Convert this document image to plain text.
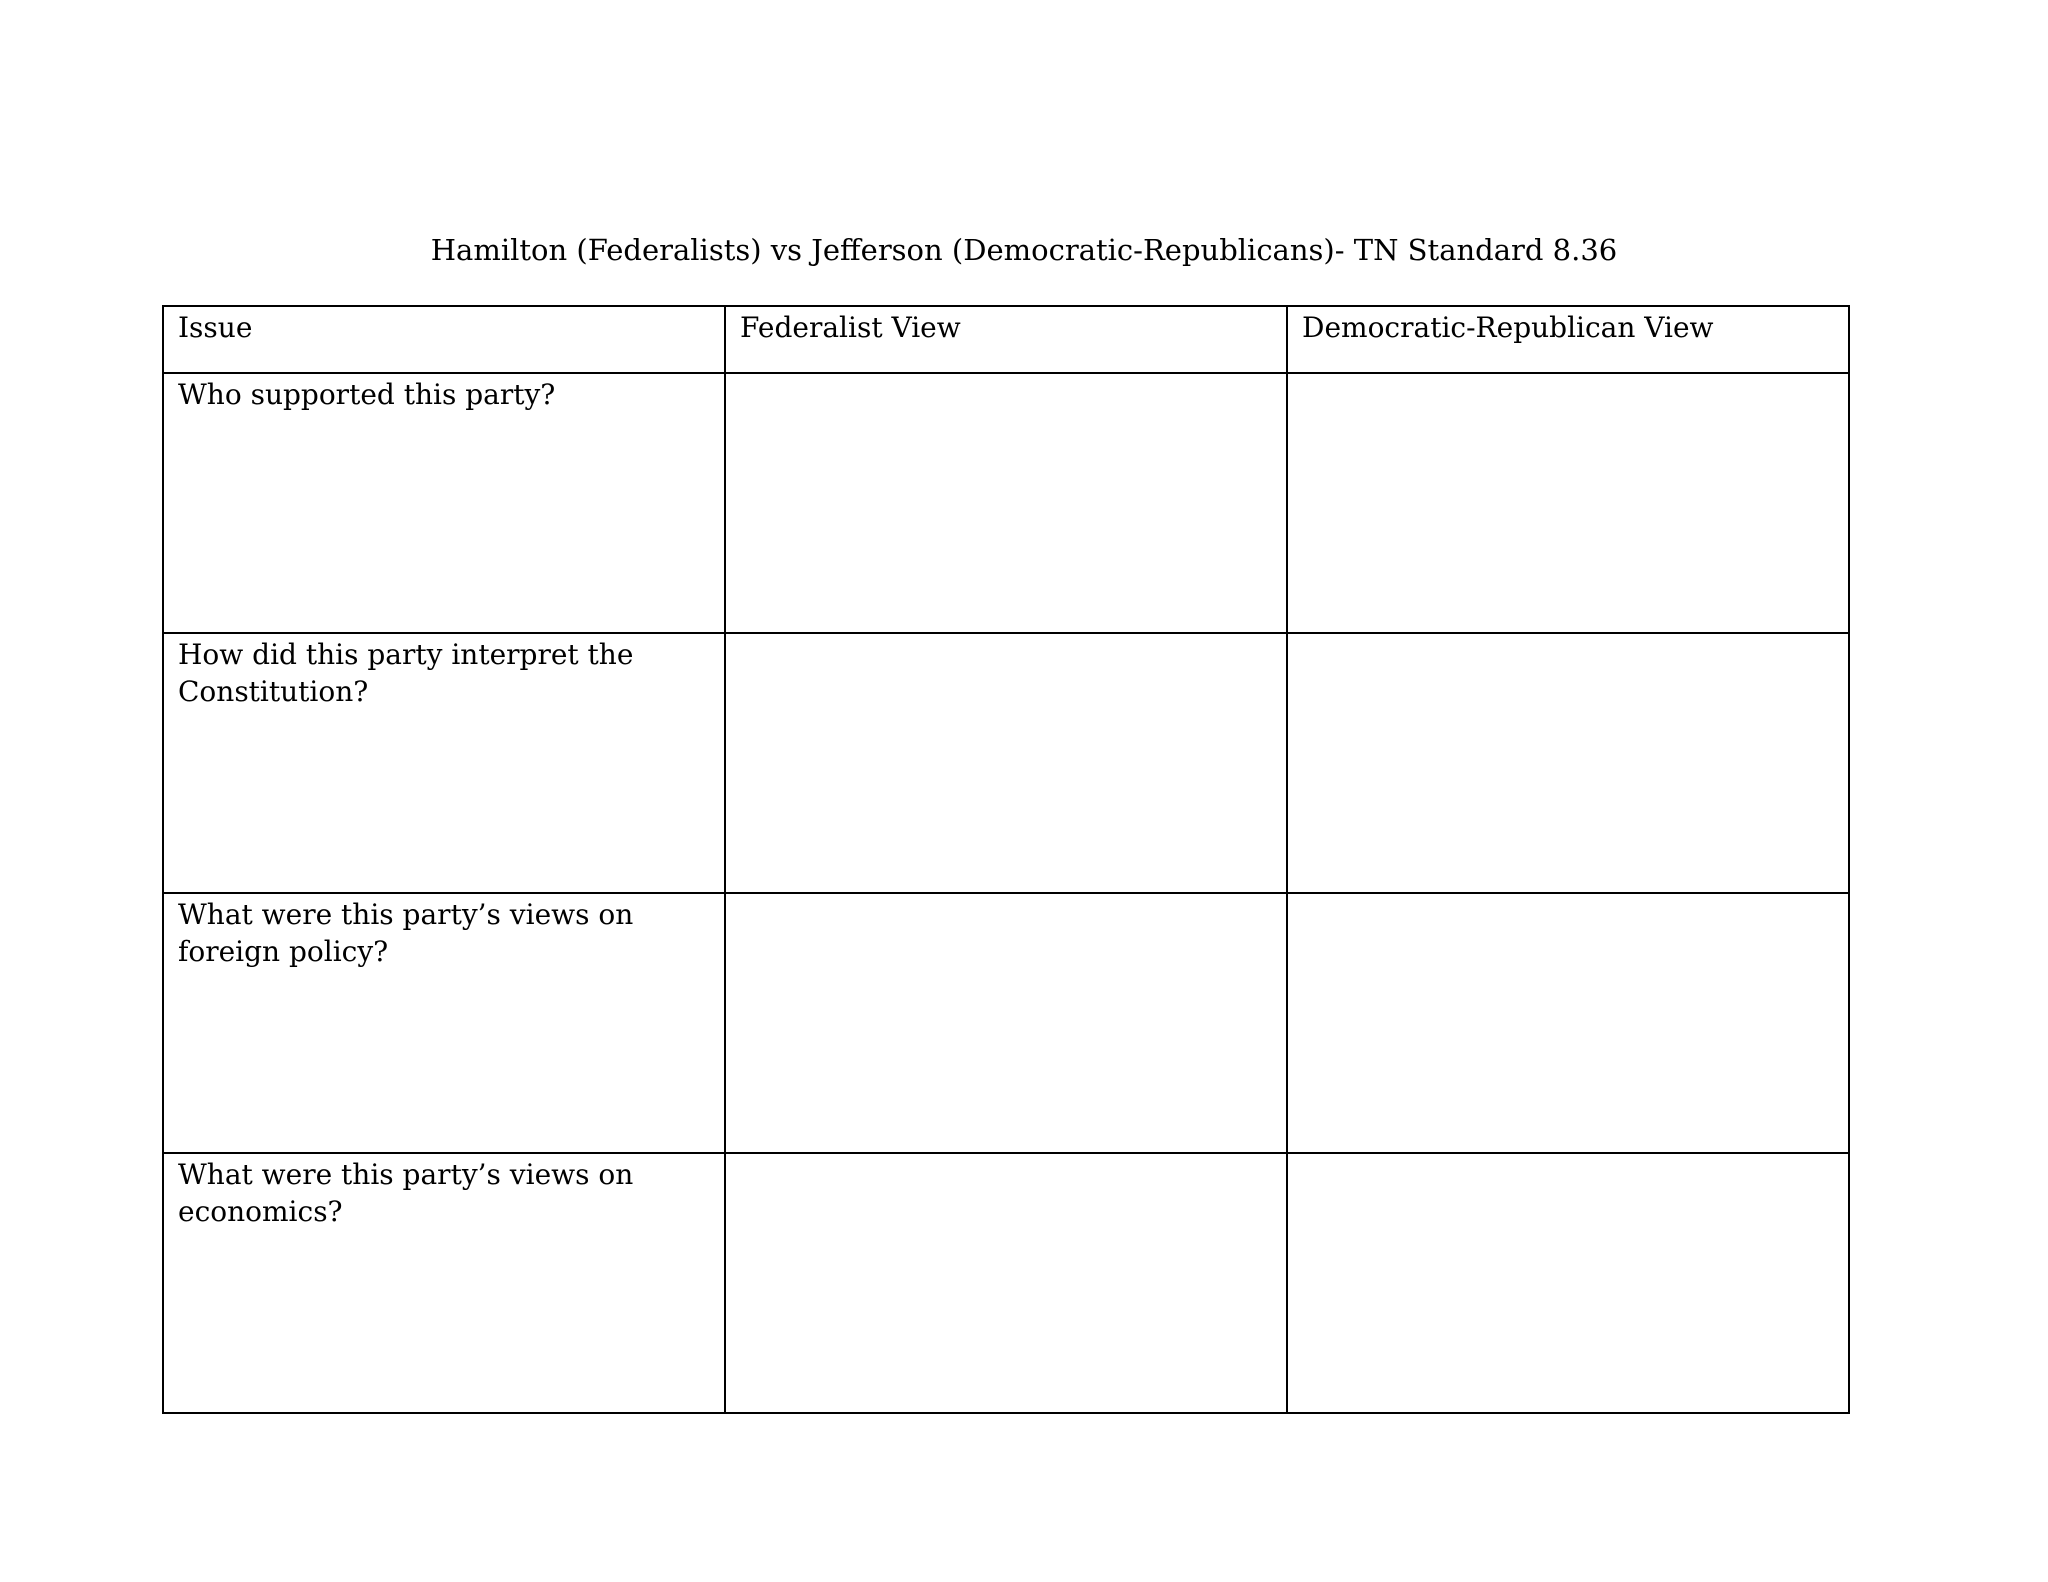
Hamilton (Federalists) vs Jefferson (Democratic-Republicans)- TN Standard 8.36
Issue	Federalist View	Democratic-Republican View
Who supported this party?		
How did this party interpret the Constitution?		
What were this party’s views on foreign policy?		
What were this party’s views on economics?		
